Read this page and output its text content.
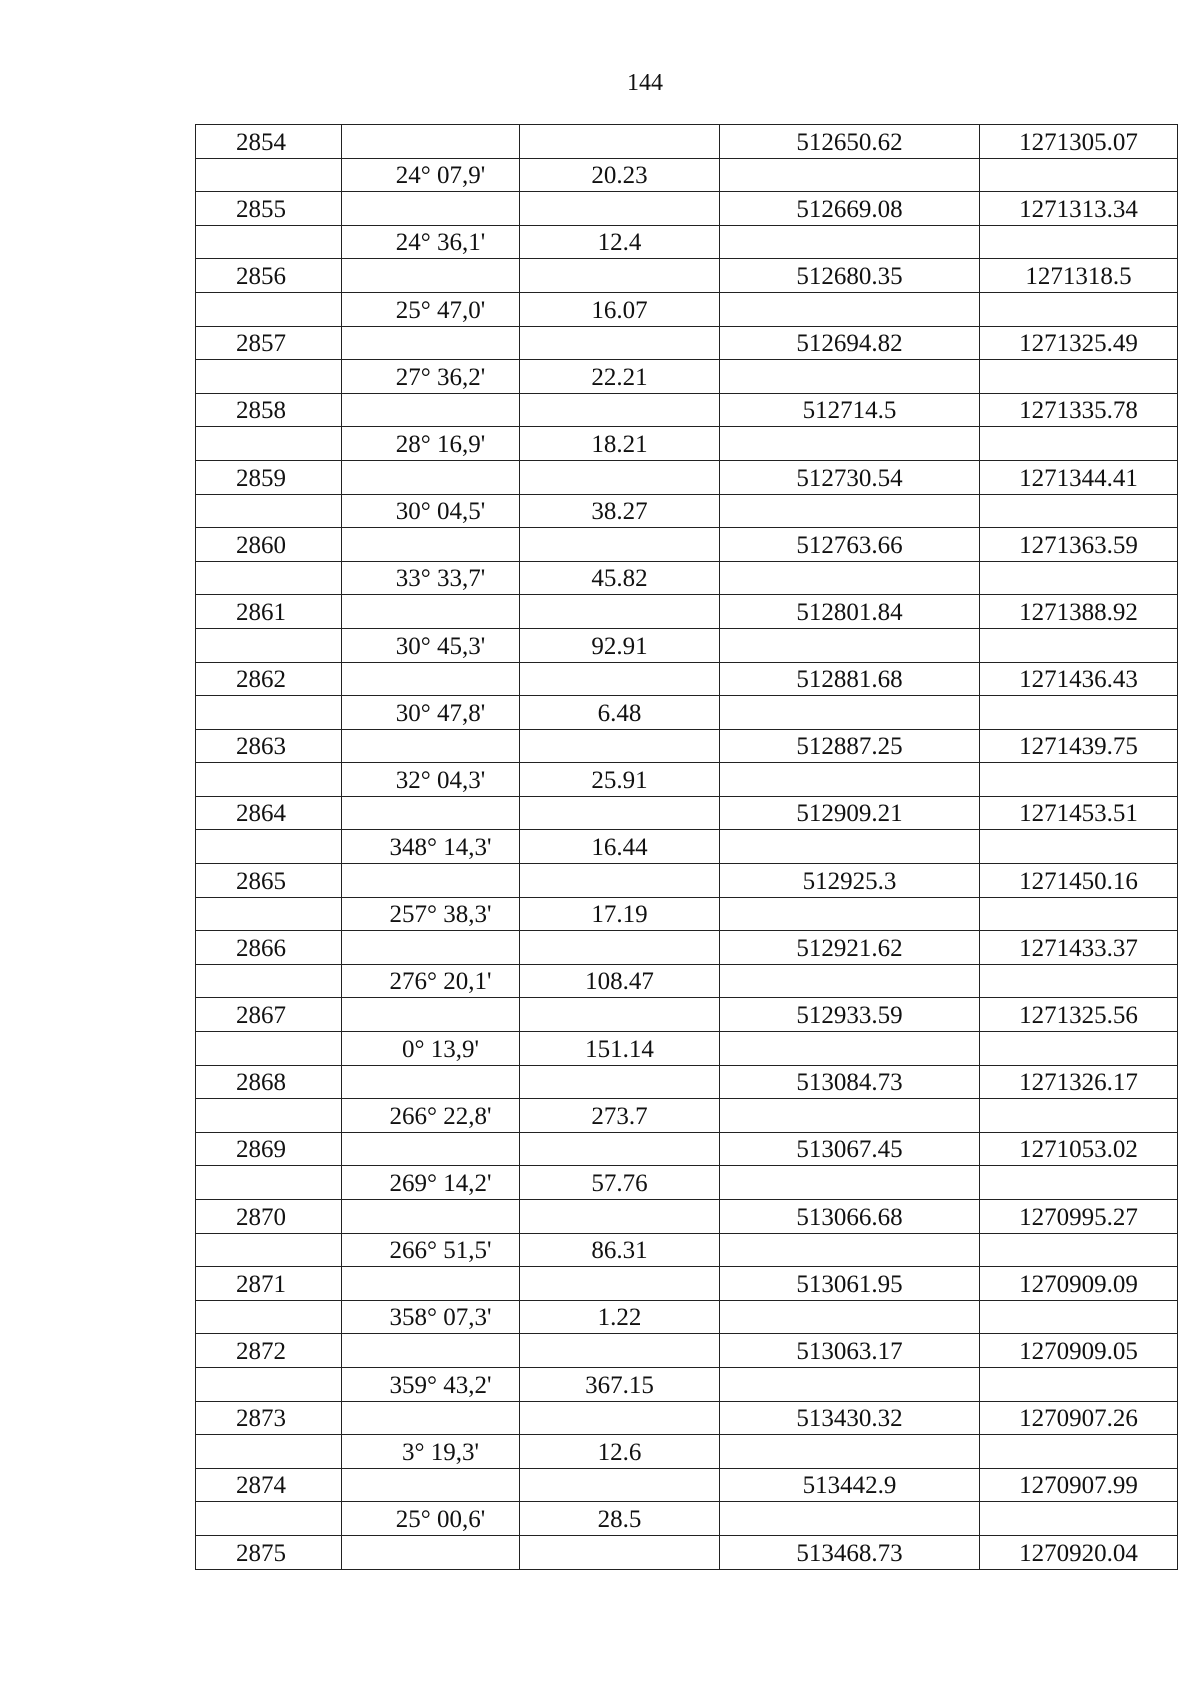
144
2854			512650.62	1271305.07
	24° 07,9'	20.23		
2855			512669.08	1271313.34
	24° 36,1'	12.4		
2856			512680.35	1271318.5
	25° 47,0'	16.07		
2857			512694.82	1271325.49
	27° 36,2'	22.21		
2858			512714.5	1271335.78
	28° 16,9'	18.21		
2859			512730.54	1271344.41
	30° 04,5'	38.27		
2860			512763.66	1271363.59
	33° 33,7'	45.82		
2861			512801.84	1271388.92
	30° 45,3'	92.91		
2862			512881.68	1271436.43
	30° 47,8'	6.48		
2863			512887.25	1271439.75
	32° 04,3'	25.91		
2864			512909.21	1271453.51
	348° 14,3'	16.44		
2865			512925.3	1271450.16
	257° 38,3'	17.19		
2866			512921.62	1271433.37
	276° 20,1'	108.47		
2867			512933.59	1271325.56
	0° 13,9'	151.14		
2868			513084.73	1271326.17
	266° 22,8'	273.7		
2869			513067.45	1271053.02
	269° 14,2'	57.76		
2870			513066.68	1270995.27
	266° 51,5'	86.31		
2871			513061.95	1270909.09
	358° 07,3'	1.22		
2872			513063.17	1270909.05
	359° 43,2'	367.15		
2873			513430.32	1270907.26
	3° 19,3'	12.6		
2874			513442.9	1270907.99
	25° 00,6'	28.5		
2875			513468.73	1270920.04
